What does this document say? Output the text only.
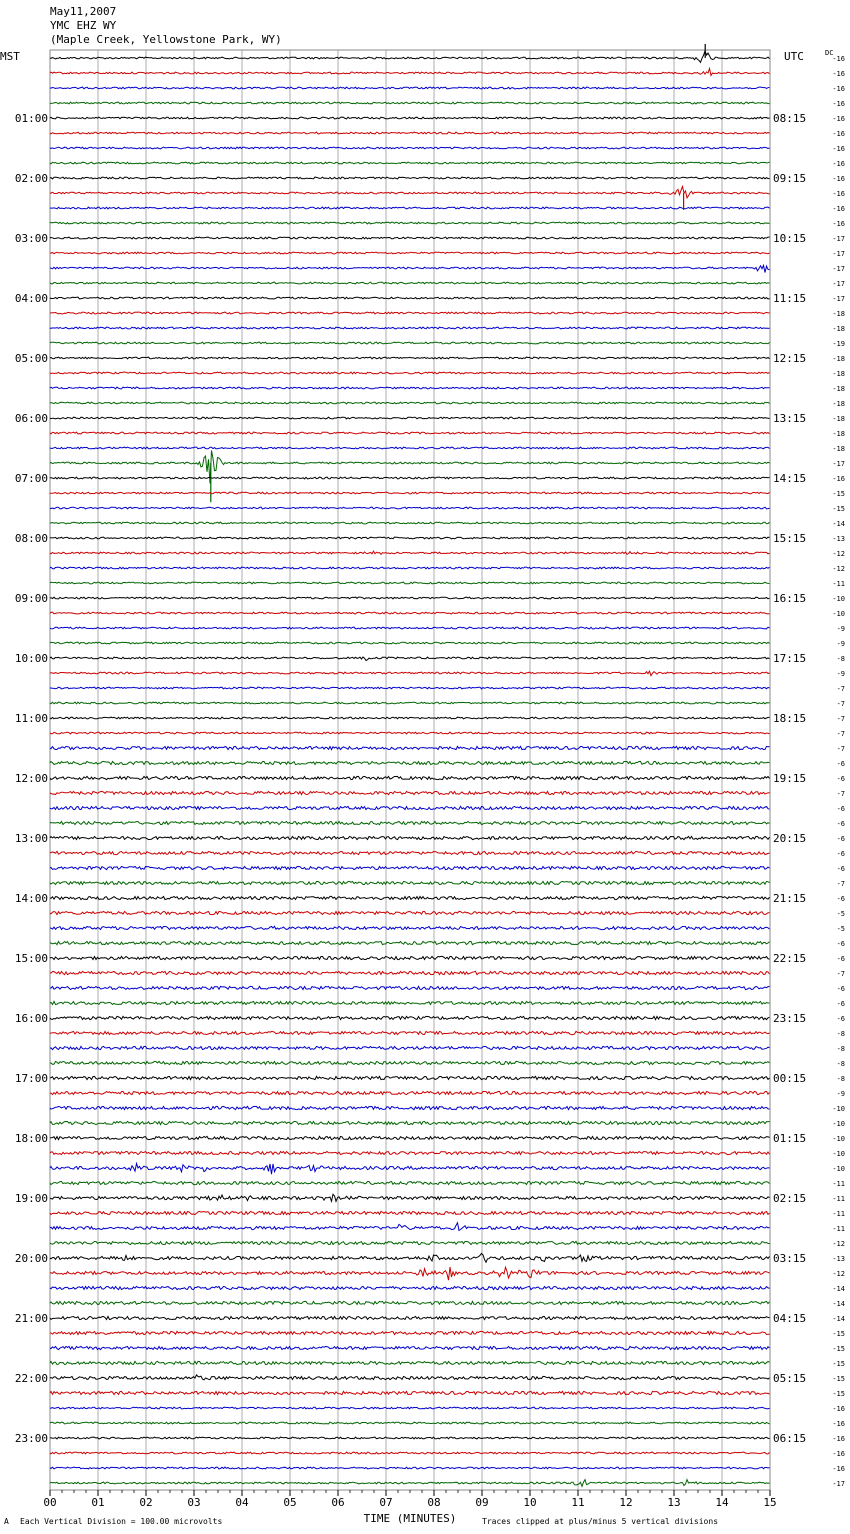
May11,2007
YMC EHZ WY
(Maple Creek, Yellowstone Park, WY)
-16
-16
-16
-16
-16
-16
-16
-16
-16
-16
-16
-16
-17
-17
-17
-17
-17
-18
-18
-19
-18
-18
-18
-18
-18
-18
-18
-17
-16
-15
-15
-14
-13
-12
-12
-11
-10
-10
-9
-9
-8
-9
-7
-7
-7
-7
-7
-6
-6
-7
-6
-6
-6
-6
-6
-7
-6
-5
-5
-6
-6
-7
-6
-6
-6
-8
-8
-8
-8
-9
-10
-10
-10
-10
-10
-11
-11
-11
-11
-12
-13
-12
-14
-14
-14
-15
-15
-15
-15
-15
-16
-16
-16
-16
-16
-17
MST	UTC	DC
01:00
02:00
03:00
04:00
05:00
06:00
07:00
08:00
09:00
10:00
11:00
12:00
13:00
14:00
15:00
16:00
17:00
18:00
19:00
20:00
21:00
22:00
23:00
08:15
09:15
10:15
11:15
12:15
13:15
14:15
15:15
16:15
17:15
18:15
19:15
20:15
21:15
22:15
23:15
00:15
01:15
02:15
03:15
04:15
05:15
06:15
00	01	02	03	04	05	06	07	08	09	10	11	12	13	14	15
TIME (MINUTES)
A Each Vertical Division = 100.00 microvolts	Traces clipped at plus/minus 5 vertical divisions
